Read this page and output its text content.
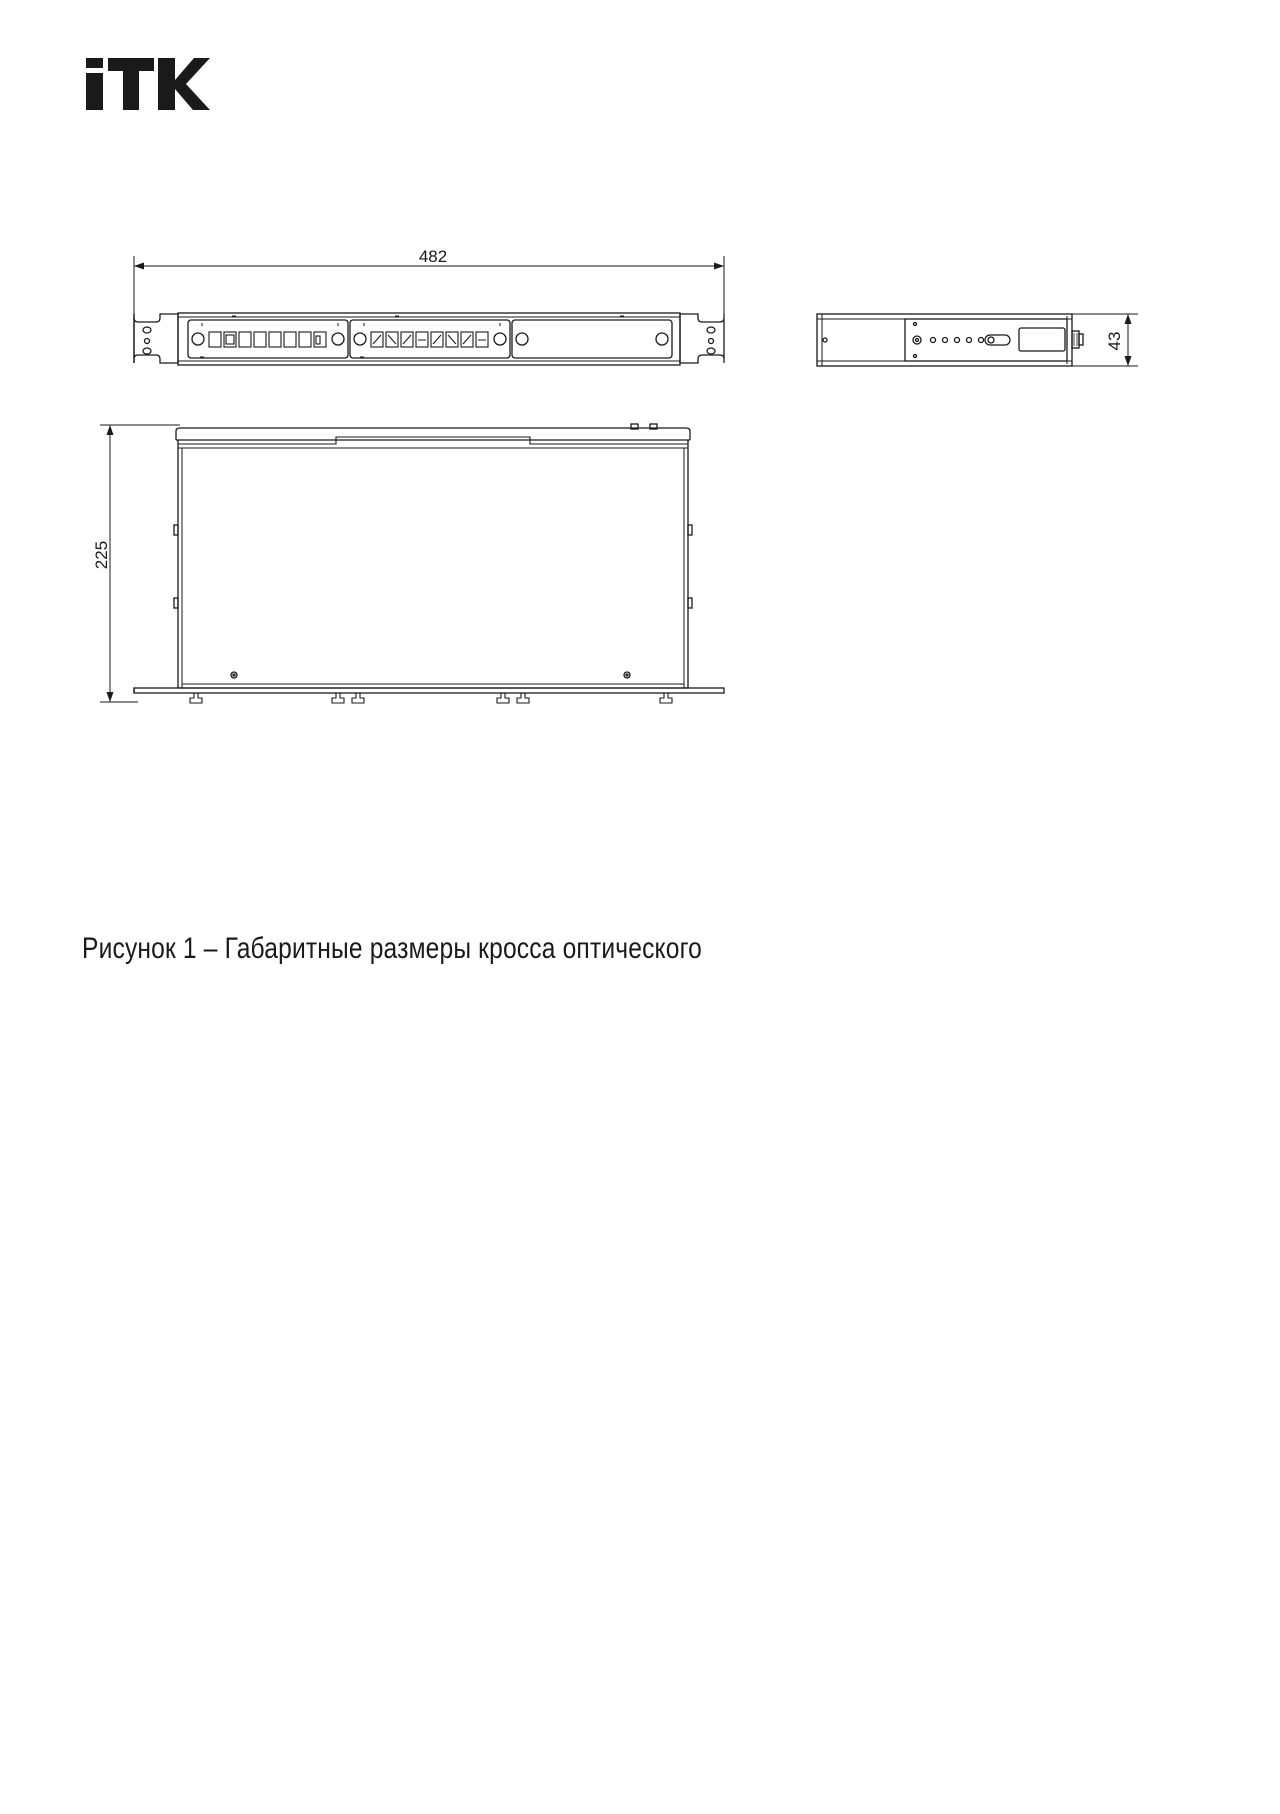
482
43
225
Рисунок 1 – Габаритные размеры кросса оптического
